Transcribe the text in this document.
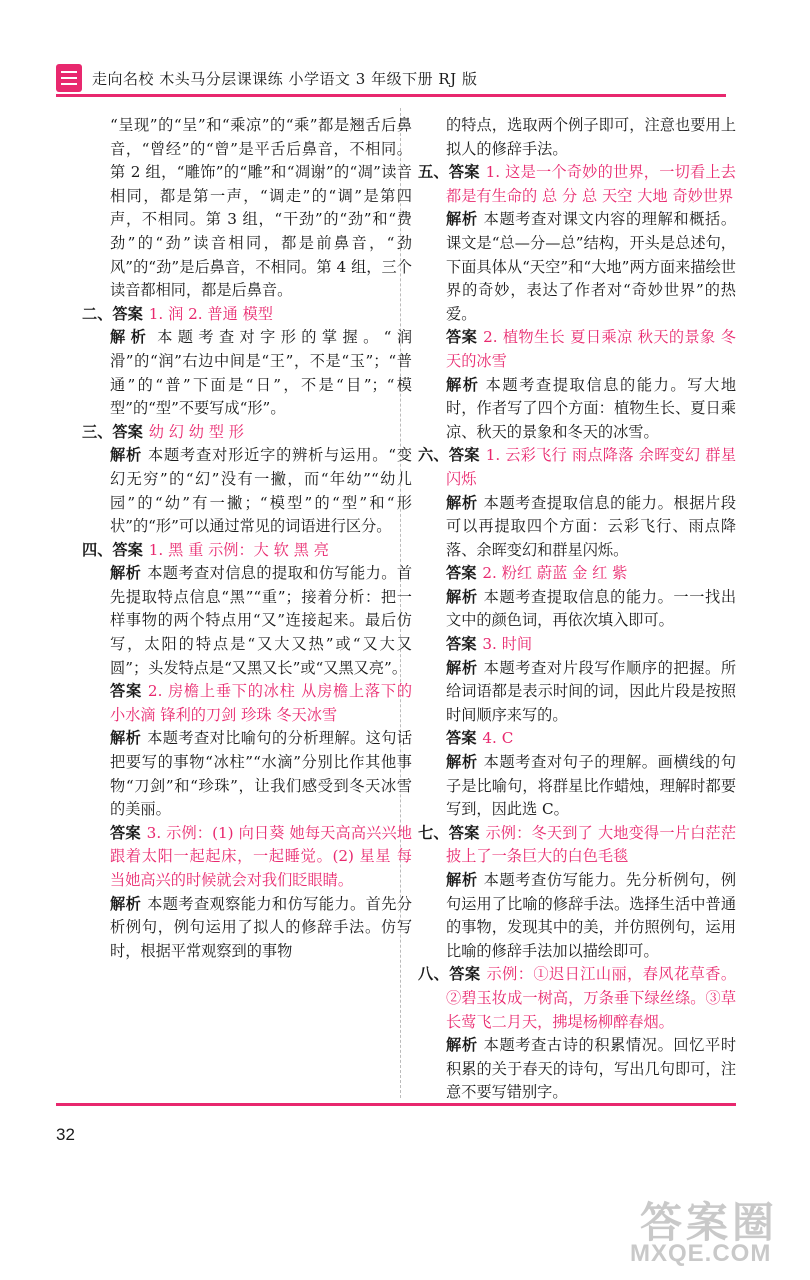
走向名校 木头马分层课课练 小学语文 3 年级下册 RJ 版

“呈现”的“呈”和“乘凉”的“乘”都是翘舌后鼻音，“曾经”的“曾”是平舌后鼻音，不相同。第 2 组，“雕饰”的“雕”和“凋谢”的“凋”读音相同，都是第一声，“调走”的“调”是第四声，不相同。第 3 组，“干劲”的“劲”和“费劲”的“劲”读音相同，都是前鼻音，“劲风”的“劲”是后鼻音，不相同。第 4 组，三个读音都相同，都是后鼻音。

二、答案 1. 润 2. 普通 模型

解析 本题考查对字形的掌握。“润滑”的“润”右边中间是“王”，不是“玉”；“普通”的“普”下面是“日”，不是“目”；“模型”的“型”不要写成“形”。

三、答案 幼 幻 幼 型 形

解析 本题考查对形近字的辨析与运用。“变幻无穷”的“幻”没有一撇，而“年幼”“幼儿园”的“幼”有一撇；“模型”的“型”和“形状”的“形”可以通过常见的词语进行区分。

四、答案 1. 黑 重 示例：大 软 黑 亮

解析 本题考查对信息的提取和仿写能力。首先提取特点信息“黑”“重”；接着分析：把一样事物的两个特点用“又”连接起来。最后仿写，太阳的特点是“又大又热”或“又大又圆”；头发特点是“又黑又长”或“又黑又亮”。

答案 2. 房檐上垂下的冰柱 从房檐上落下的小水滴 锋利的刀剑 珍珠 冬天冰雪

解析 本题考查对比喻句的分析理解。这句话把要写的事物“冰柱”“水滴”分别比作其他事物“刀剑”和“珍珠”，让我们感受到冬天冰雪的美丽。

答案 3. 示例：(1) 向日葵 她每天高高兴兴地跟着太阳一起起床，一起睡觉。(2) 星星 每当她高兴的时候就会对我们眨眼睛。

解析 本题考查观察能力和仿写能力。首先分析例句，例句运用了拟人的修辞手法。仿写时，根据平常观察到的事物

的特点，选取两个例子即可，注意也要用上拟人的修辞手法。

五、答案 1. 这是一个奇妙的世界，一切看上去都是有生命的 总 分 总 天空 大地 奇妙世界

解析 本题考查对课文内容的理解和概括。课文是“总—分—总”结构，开头是总述句，下面具体从“天空”和“大地”两方面来描绘世界的奇妙，表达了作者对“奇妙世界”的热爱。

答案 2. 植物生长 夏日乘凉 秋天的景象 冬天的冰雪

解析 本题考查提取信息的能力。写大地时，作者写了四个方面：植物生长、夏日乘凉、秋天的景象和冬天的冰雪。

六、答案 1. 云彩飞行 雨点降落 余晖变幻 群星闪烁

解析 本题考查提取信息的能力。根据片段可以再提取四个方面：云彩飞行、雨点降落、余晖变幻和群星闪烁。

答案 2. 粉红 蔚蓝 金 红 紫

解析 本题考查提取信息的能力。一一找出文中的颜色词，再依次填入即可。

答案 3. 时间

解析 本题考查对片段写作顺序的把握。所给词语都是表示时间的词，因此片段是按照时间顺序来写的。

答案 4. C

解析 本题考查对句子的理解。画横线的句子是比喻句，将群星比作蜡烛，理解时都要写到，因此选 C。

七、答案 示例：冬天到了 大地变得一片白茫茫 披上了一条巨大的白色毛毯

解析 本题考查仿写能力。先分析例句，例句运用了比喻的修辞手法。选择生活中普通的事物，发现其中的美，并仿照例句，运用比喻的修辞手法加以描绘即可。

八、答案 示例：①迟日江山丽，春风花草香。②碧玉妆成一树高，万条垂下绿丝绦。③草长莺飞二月天，拂堤杨柳醉春烟。

解析 本题考查古诗的积累情况。回忆平时积累的关于春天的诗句，写出几句即可，注意不要写错别字。

32
答案圈
MXQE.COM
